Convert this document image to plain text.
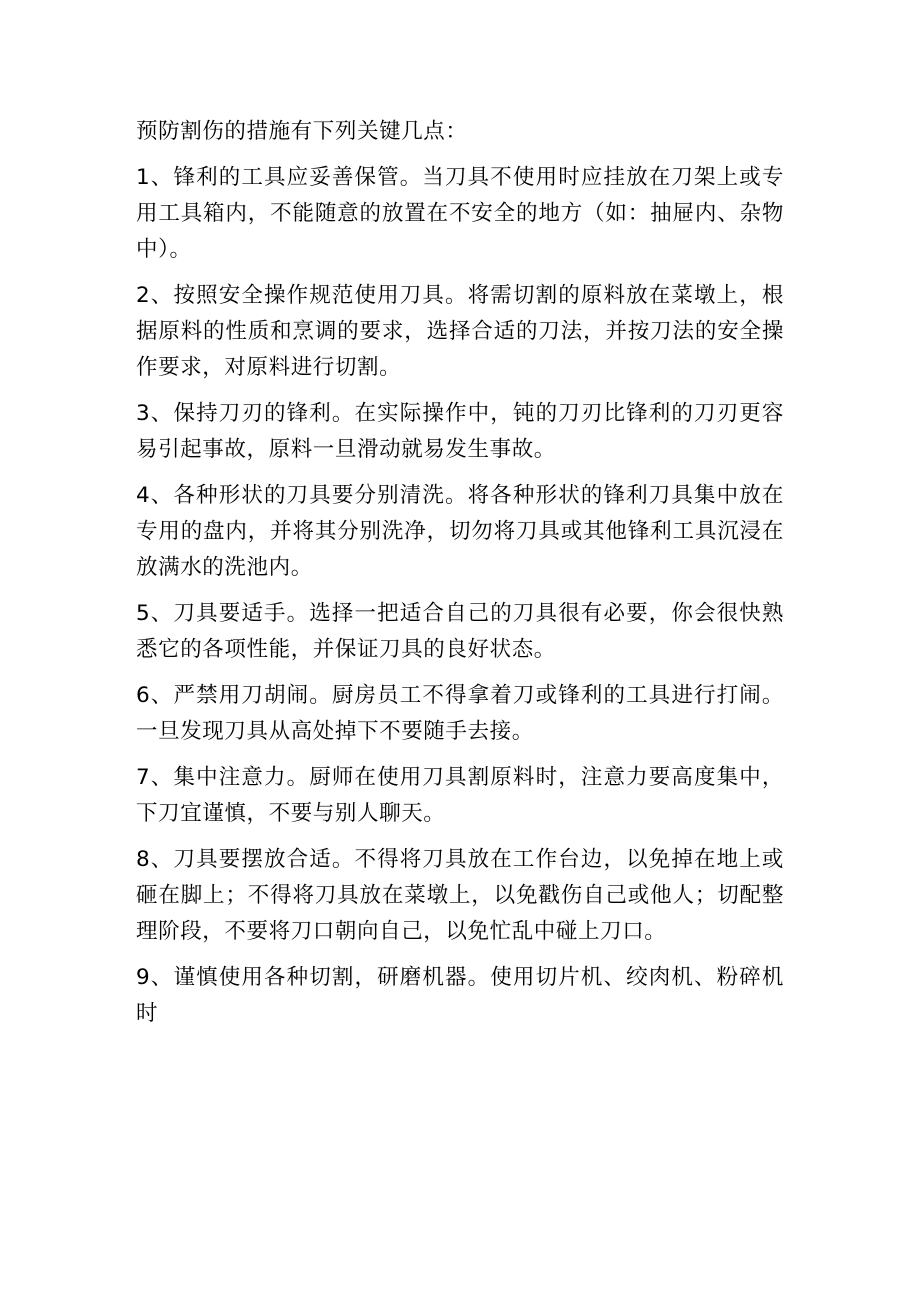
预防割伤的措施有下列关键几点：

1、锋利的工具应妥善保管。当刀具不使用时应挂放在刀架上或专用工具箱内，不能随意的放置在不安全的地方（如：抽屉内、杂物中）。

2、按照安全操作规范使用刀具。将需切割的原料放在菜墩上，根据原料的性质和烹调的要求，选择合适的刀法，并按刀法的安全操作要求，对原料进行切割。

3、保持刀刃的锋利。在实际操作中，钝的刀刃比锋利的刀刃更容易引起事故，原料一旦滑动就易发生事故。

4、各种形状的刀具要分别清洗。将各种形状的锋利刀具集中放在专用的盘内，并将其分别洗净，切勿将刀具或其他锋利工具沉浸在放满水的洗池内。

5、刀具要适手。选择一把适合自己的刀具很有必要，你会很快熟悉它的各项性能，并保证刀具的良好状态。

6、严禁用刀胡闹。厨房员工不得拿着刀或锋利的工具进行打闹。一旦发现刀具从高处掉下不要随手去接。

7、集中注意力。厨师在使用刀具割原料时，注意力要高度集中，下刀宜谨慎，不要与别人聊天。

8、刀具要摆放合适。不得将刀具放在工作台边，以免掉在地上或砸在脚上；不得将刀具放在菜墩上，以免戳伤自己或他人；切配整理阶段，不要将刀口朝向自己，以免忙乱中碰上刀口。

9、谨慎使用各种切割，研磨机器。使用切片机、绞肉机、粉碎机时
